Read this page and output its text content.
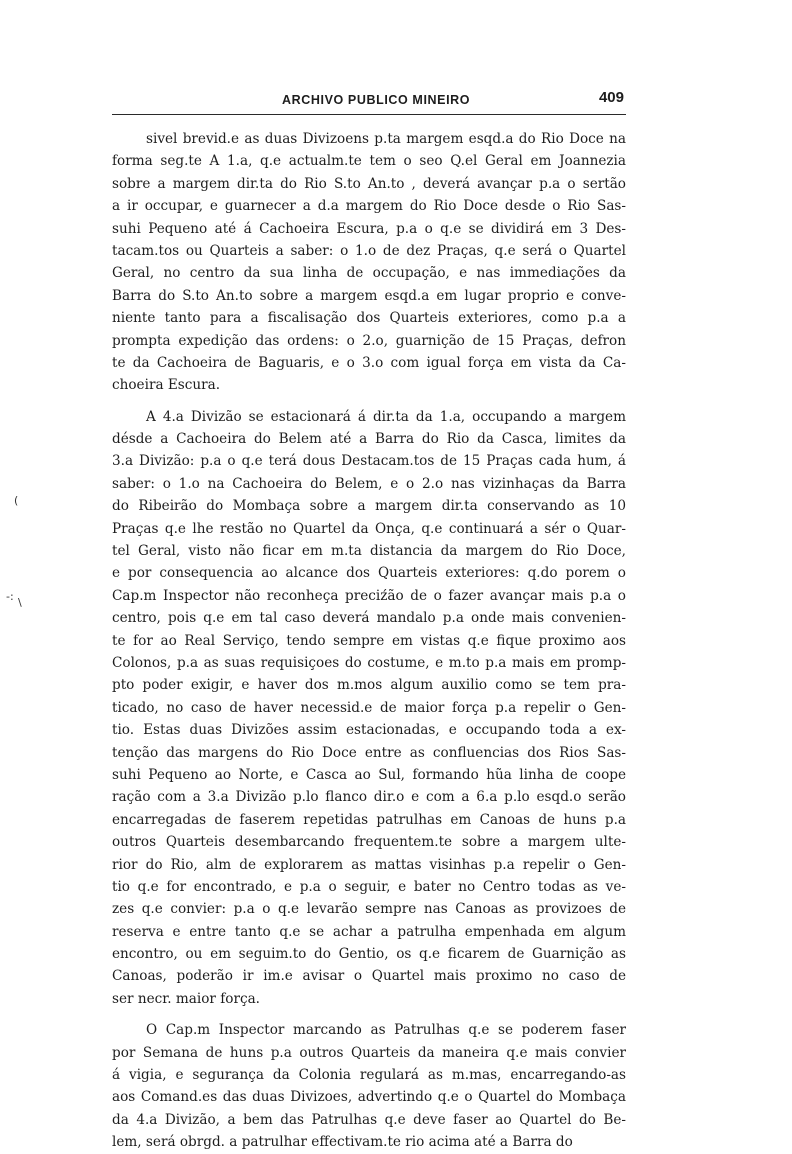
ARCHIVO PUBLICO MINEIRO	409
sivel brevid.e as duas Divizoens p.ta margem esqd.a do Rio Doce na
forma seg.te A 1.a, q.e actualm.te tem o seo Q.el Geral em Joannezia
sobre a margem dir.ta do Rio S.to An.to , deverá avançar p.a o sertão
a ir occupar, e guarnecer a d.a margem do Rio Doce desde o Rio Sas-
suhi Pequeno até á Cachoeira Escura, p.a o q.e se dividirá em 3 Des-
tacam.tos ou Quarteis a saber: o 1.o de dez Praças, q.e será o Quartel
Geral, no centro da sua linha de occupação, e nas immediações da
Barra do S.to An.to sobre a margem esqd.a em lugar proprio e conve-
niente tanto para a fiscalisação dos Quarteis exteriores, como p.a a
prompta expedição das ordens: o 2.o, guarnição de 15 Praças, defron
te da Cachoeira de Baguaris, e o 3.o com igual força em vista da Ca-
choeira Escura.
A 4.a Divizão se estacionará á dir.ta da 1.a, occupando a margem
désde a Cachoeira do Belem até a Barra do Rio da Casca, limites da
3.a Divizão: p.a o q.e terá dous Destacam.tos de 15 Praças cada hum, á
saber: o 1.o na Cachoeira do Belem, e o 2.o nas vizinhaças da Barra
do Ribeirão do Mombaça sobre a margem dir.ta conservando as 10
Praças q.e lhe restão no Quartel da Onça, q.e continuará a sér o Quar-
tel Geral, visto não ficar em m.ta distancia da margem do Rio Doce,
e por consequencia ao alcance dos Quarteis exteriores: q.do porem o
Cap.m Inspector não reconheça preciźão de o fazer avançar mais p.a o
centro, pois q.e em tal caso deverá mandalo p.a onde mais convenien-
te for ao Real Serviço, tendo sempre em vistas q.e fique proximo aos
Colonos, p.a as suas requisiçoes do costume, e m.to p.a mais em promp-
pto poder exigir, e haver dos m.mos algum auxilio como se tem pra-
ticado, no caso de haver necessid.e de maior força p.a repelir o Gen-
tio. Estas duas Divizões assim estacionadas, e occupando toda a ex-
tenção das margens do Rio Doce entre as confluencias dos Rios Sas-
suhi Pequeno ao Norte, e Casca ao Sul, formando hũa linha de coope
ração com a 3.a Divizão p.lo flanco dir.o e com a 6.a p.lo esqd.o serão
encarregadas de faserem repetidas patrulhas em Canoas de huns p.a
outros Quarteis desembarcando frequentem.te sobre a margem ulte-
rior do Rio, alm de explorarem as mattas visinhas p.a repelir o Gen-
tio q.e for encontrado, e p.a o seguir, e bater no Centro todas as ve-
zes q.e convier: p.a o q.e levarão sempre nas Canoas as provizoes de
reserva e entre tanto q.e se achar a patrulha empenhada em algum
encontro, ou em seguim.to do Gentio, os q.e ficarem de Guarnição as
Canoas, poderão ir im.e avisar o Quartel mais proximo no caso de
ser necr. maior força.
O Cap.m Inspector marcando as Patrulhas q.e se poderem faser
por Semana de huns p.a outros Quarteis da maneira q.e mais convier
á vigia, e segurança da Colonia regulará as m.mas, encarregando-as
aos Comand.es das duas Divizoes, advertindo q.e o Quartel do Mombaça
da 4.a Divizão, a bem das Patrulhas q.e deve faser ao Quartel do Be-
lem, será obrgd. a patrulhar effectivam.te rio acima até a Barra do
(
-: \
